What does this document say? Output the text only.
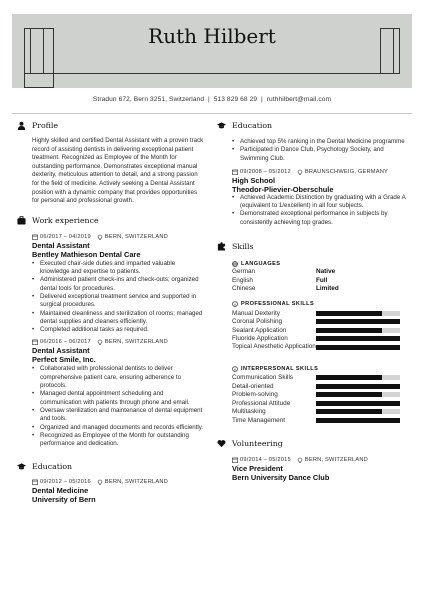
Ruth Hilbert
Stradun 672, Bern 3251, Switzerland  |  513 829 68 29  |  ruthhilbert@mail.com
Profile

Highly skilled and certified Dental Assistant with a proven track record of assisting dentists in delivering exceptional patient treatment. Recognized as Employee of the Month for outstanding performance. Demonstrates exceptional manual dexterity, meticulous attention to detail, and a strong passion for the field of medicine. Actively seeking a Dental Assistant position with a dynamic company that provides opportunities for personal and professional growth.

Work experience
06/2017 – 04/2019 BERN, SWITZERLAND
Dental Assistant
Bentley Mathieson Dental Care
• Executed chair-side duties and imparted valuable knowledge and expertise to patients.
• Administered patient check-ins and check-outs; organized dental tools for procedures.
• Delivered exceptional treatment service and supported in surgical procedures.
• Maintained cleanliness and sterilization of rooms; managed dental supplies and cleaners efficiently.
• Completed additional tasks as required.
06/2016 – 06/2017 BERN, SWITZERLAND
Dental Assistant
Perfect Smile, Inc.
• Collaborated with professional dentists to deliver comprehensive patient care, ensuring adherence to protocols.
• Managed dental appointment scheduling and communication with patients through phone and email.
• Oversaw sterilization and maintenance of dental equipment and tools.
• Organized and managed documents and records efficiently.
• Recognized as Employee of the Month for outstanding performance and dedication.
Education
09/2012 – 05/2016 BERN, SWITZERLAND
Dental Medicine
University of Bern
Education
• Achieved top 5% ranking in the Dental Medicine programme
• Participated in Dance Club, Psychology Society, and Swimming Club.
09/2008 – 05/2012 BRAUNSCHWEIG, GERMANY
High School
Theodor-Plievier-Oberschule
• Achieved Academic Distinction by graduating with a Grade A (equivalent to 1/excellent) in all four subjects.
• Demonstrated exceptional performance in subjects by consistently achieving top grades.
Skills
LANGUAGES
German	Native
English	Full
Chinese	Limited
PROFESSIONAL SKILLS
Manual Dexterity
Coronal Polishing
Sealant Application
Fluoride Application
Topical Anesthetic Application
INTERPERSONAL SKILLS
Communication Skills
Detail-oriented
Problem-solving
Professional Attitude
Multitasking
Time Management
Volunteering
09/2014 – 05/2015 BERN, SWITZERLAND
Vice President
Bern University Dance Club
